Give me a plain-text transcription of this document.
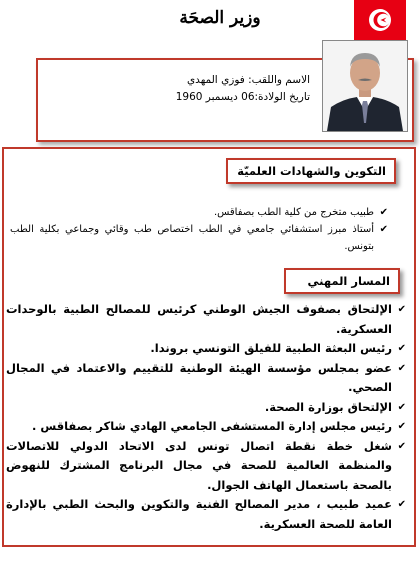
وزير الصحَة
الاسم واللقب: فوزي المهدي
تاريخ الولادة:06 ديسمبر 1960
التكوين والشهادات العلميّة
✔
طبيب متخرج من كلية الطب بصفاقس.
✔
أستاذ مبرز استشفائي جامعي في الطب اختصاص طب وقائي وجماعي بكلية الطب بتونس.
المسار المهني
✔
الإلتحاق بصفوف الجيش الوطني كرئيس للمصالح الطبية بالوحدات العسكرية.
✔
رئيس البعثة الطبية للفيلق التونسي بروندا.
✔
عضو بمجلس مؤسسة الهيئة الوطنية للتقييم والاعتماد في المجال الصحي.
✔
الإلتحاق بوزارة الصحة.
✔
رئيس مجلس إدارة المستشفى الجامعي الهادي شاكر بصفاقس .
✔
شغل خطة نقطة اتصال تونس لدى الاتحاد الدولي للاتصالات والمنظمة العالمية للصحة في مجال البرنامج المشترك للنهوض بالصحة باستعمال الهاتف الجوال.
✔
عميد طبيب ، مدير المصالح الفنية والتكوين والبحث الطبي بالإدارة العامة للصحة العسكرية.
